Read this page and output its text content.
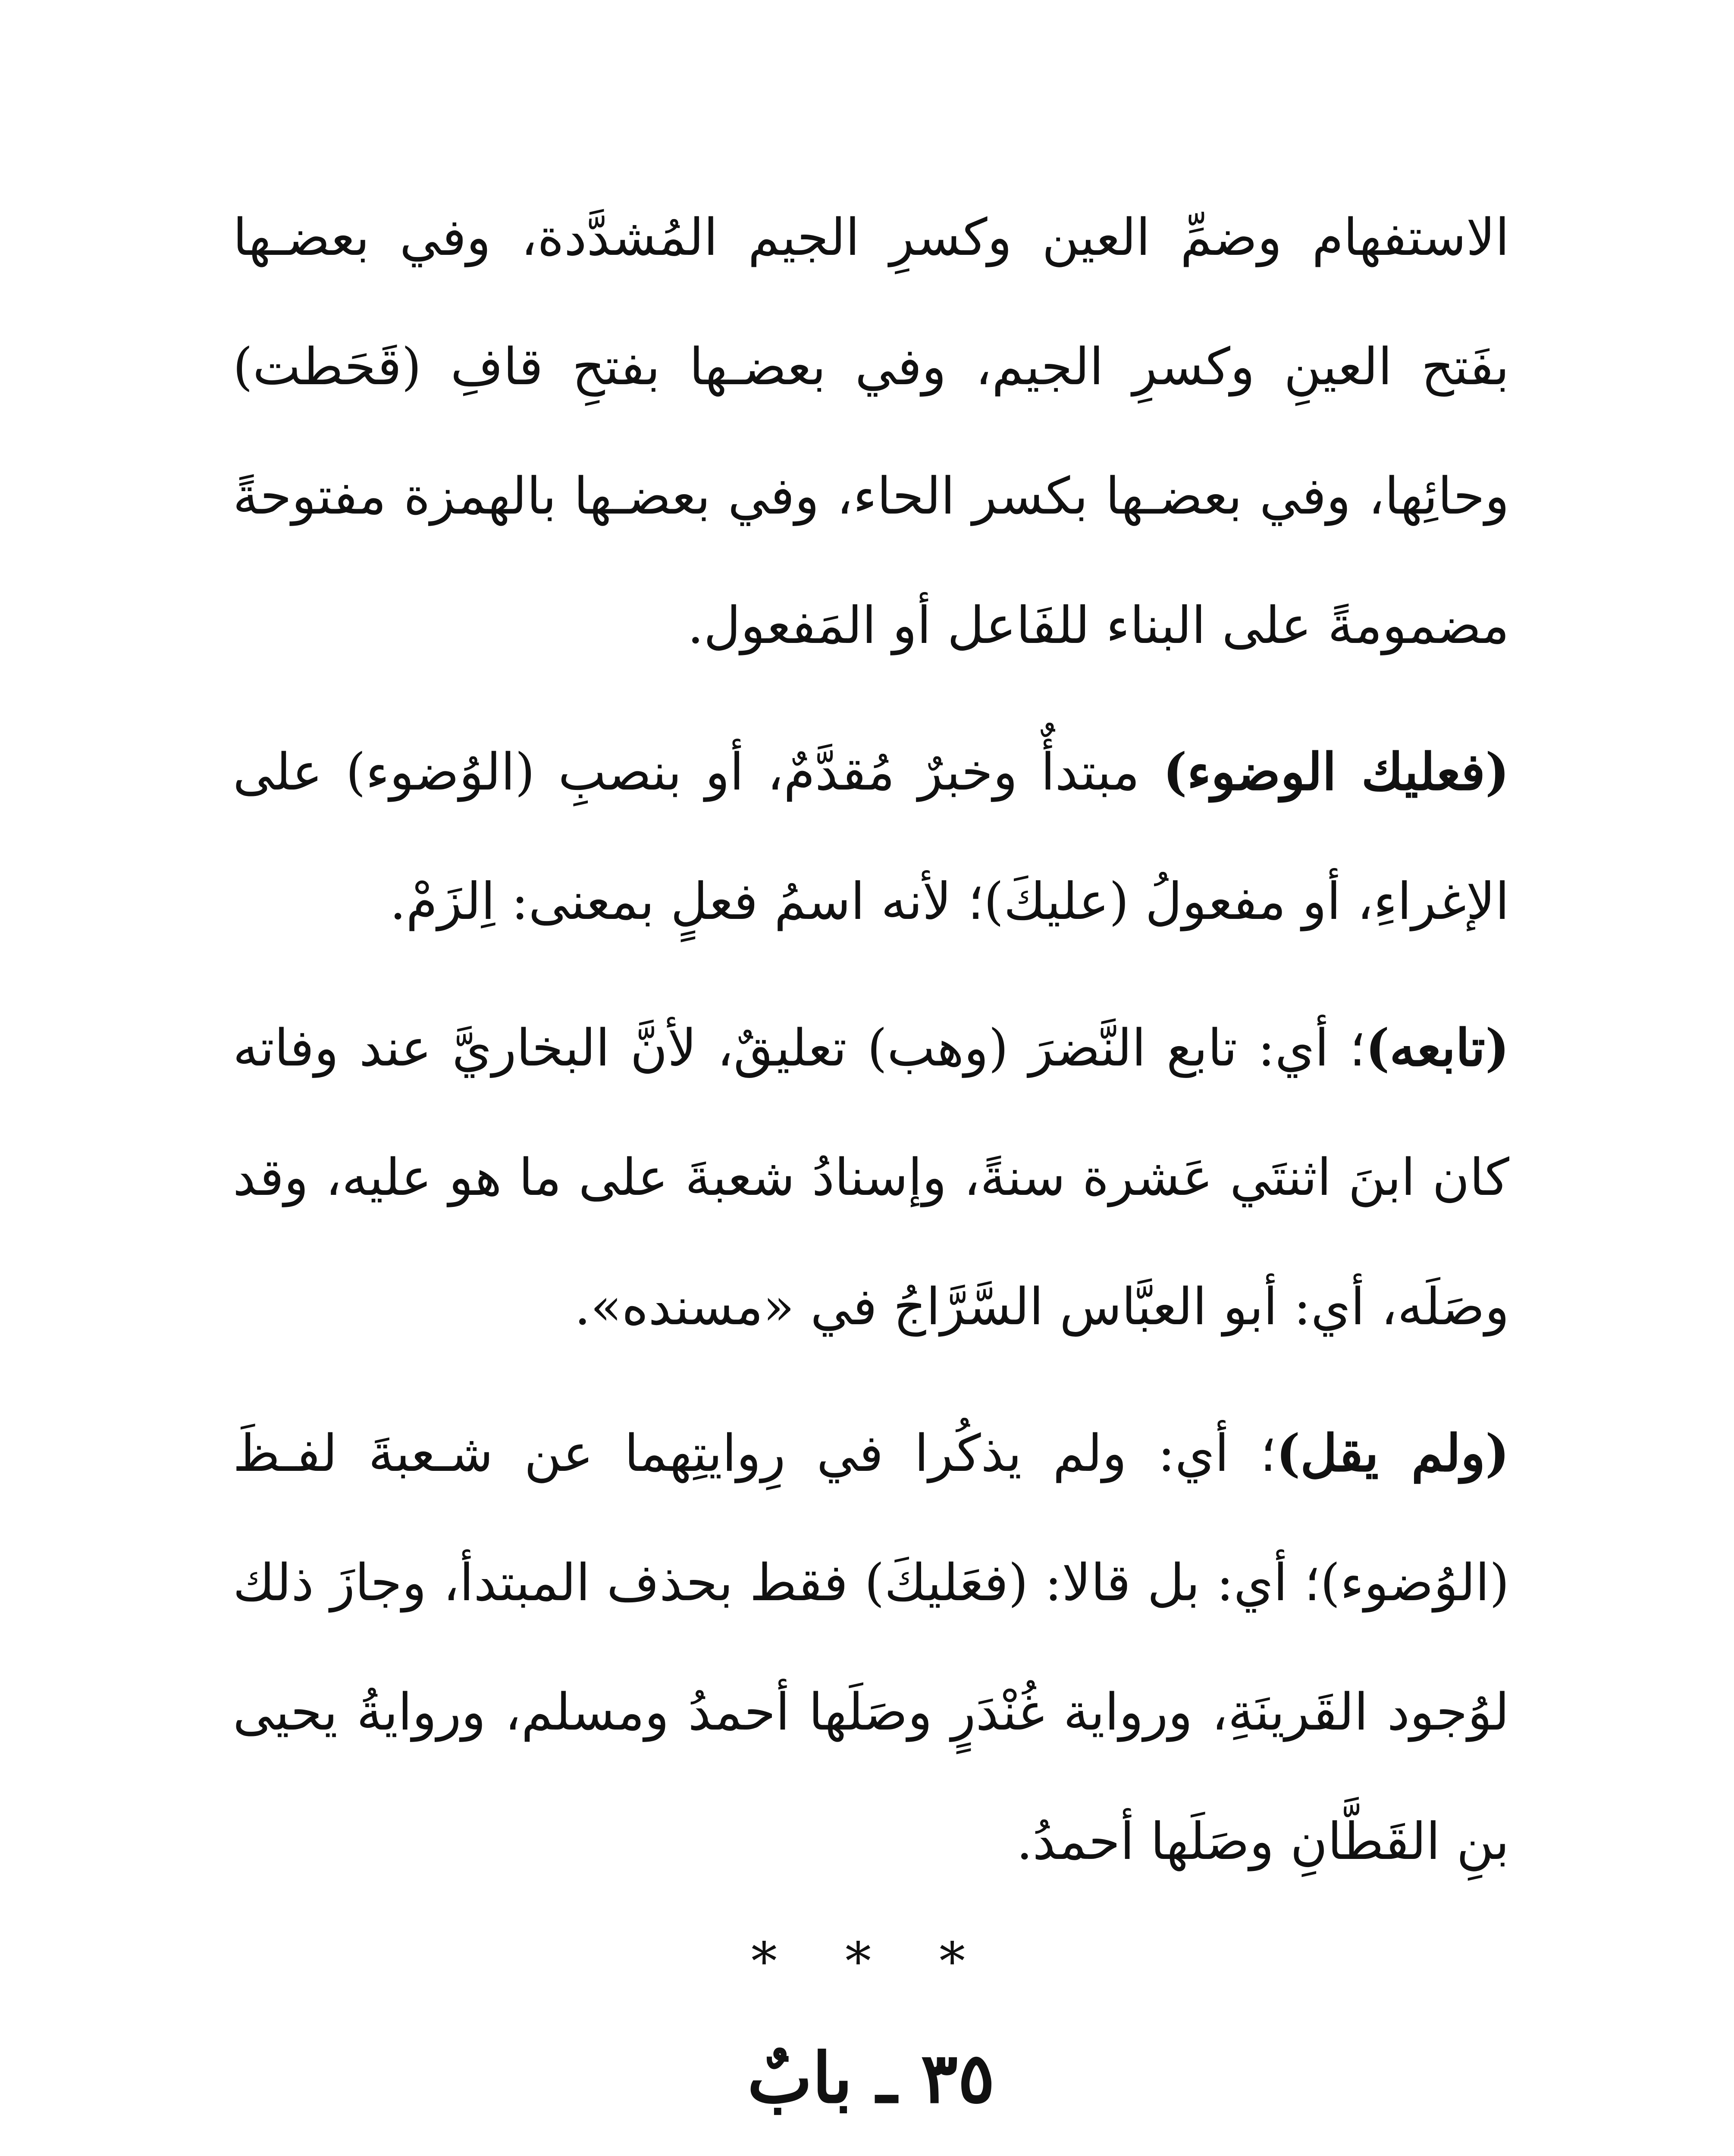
الاستفهام وضمِّ العين وكسرِ الجيم المُشدَّدة، وفي بعضـها بفَتح العينِ وكسرِ الجيم، وفي بعضـها بفتحِ قافِ (قَحَطت) وحائِها، وفي بعضـها بكسر الحاء، وفي بعضـها بالهمزة مفتوحةً مضمومةً على البناء للفَاعل أو المَفعول.

(فعليك الوضوء) مبتدأٌ وخبرٌ مُقدَّمٌ، أو بنصبِ (الوُضوء) على الإغراءِ، أو مفعولُ (عليكَ)؛ لأنه اسمُ فعلٍ بمعنى: اِلزَمْ.

(تابعه)؛ أي: تابع النَّضرَ (وهب) تعليقٌ، لأنَّ البخاريَّ عند وفاته كان ابنَ اثنتَي عَشرة سنةً، وإسنادُ شعبةَ على ما هو عليه، وقد وصَلَه، أي: أبو العبَّاس السَّرَّاجُ في «مسنده».

(ولم يقل)؛ أي: ولم يذكُرا في رِوايتِهما عن شـعبةَ لفـظَ (الوُضوء)؛ أي: بل قالا: (فعَليكَ) فقط بحذف المبتدأ، وجازَ ذلك لوُجود القَرينَةِ، ورواية غُنْدَرٍ وصَلَها أحمدُ ومسلم، وروايةُ يحيى بنِ القَطَّانِ وصَلَها أحمدُ.

* * *
٣٥ ـ بابٌ
